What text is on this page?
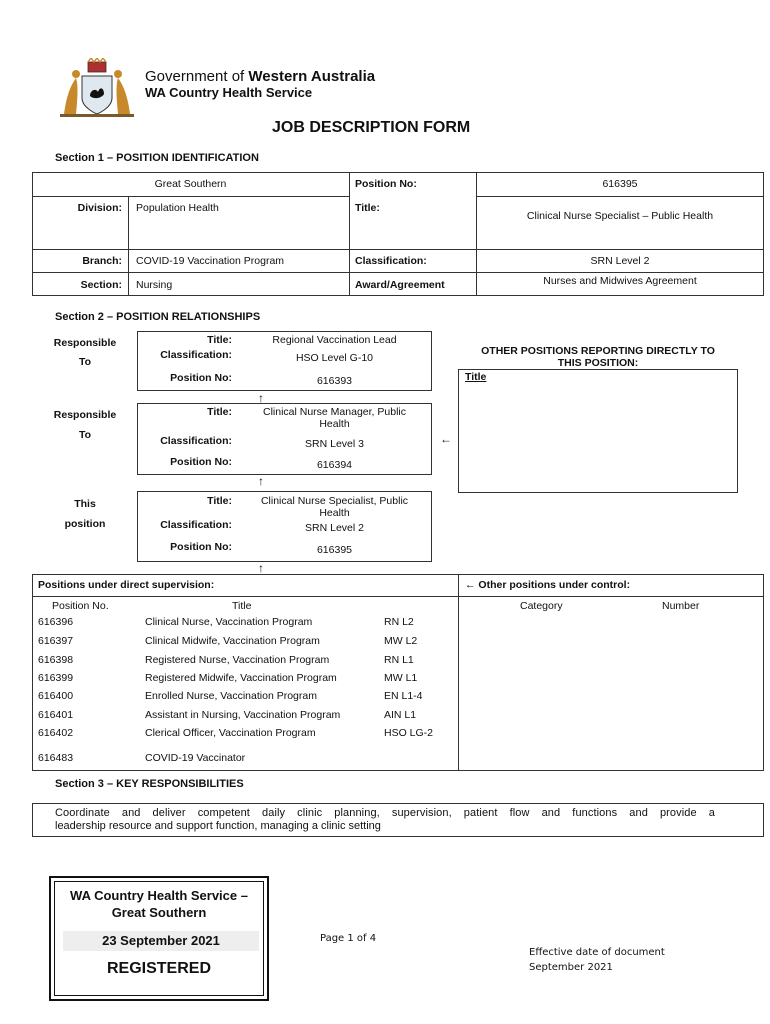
Government of Western Australia
WA Country Health Service
JOB DESCRIPTION FORM
Section 1 – POSITION IDENTIFICATION
Great Southern	Position No:	616395
Division: Population Health	Title:
Clinical Nurse Specialist – Public Health
Branch: COVID-19 Vaccination Program	Classification:	SRN Level 2
Section: Nursing	Award/Agreement	Nurses and Midwives Agreement
Section 2 – POSITION RELATIONSHIPS
Responsible
To
Title:	Regional Vaccination Lead
Classification:	HSO Level G-10
Position No:	616393
↑
Responsible
To
Title:	Clinical Nurse Manager, Public
Health
Classification:	SRN Level 3
Position No:	616394
←
↑
This
position
Title:	Clinical Nurse Specialist, Public
Health
Classification:	SRN Level 2
Position No:	616395
↑
OTHER POSITIONS REPORTING DIRECTLY TO
THIS POSITION:
Title
Positions under direct supervision:	← Other positions under control:
Position No.	Title	Category	Number
616396	Clinical Nurse, Vaccination Program	RN L2
616397	Clinical Midwife, Vaccination Program	MW L2
616398	Registered Nurse, Vaccination Program	RN L1
616399	Registered Midwife, Vaccination Program	MW L1
616400	Enrolled Nurse, Vaccination Program	EN L1-4
616401	Assistant in Nursing, Vaccination Program	AIN L1
616402	Clerical Officer, Vaccination Program	HSO LG-2
616483	COVID-19 Vaccinator
Section 3 – KEY RESPONSIBILITIES
Coordinate and deliver competent daily clinic planning, supervision, patient flow and functions and provide a
leadership resource and support function, managing a clinic setting
WA Country Health Service –
Great Southern
23 September 2021
REGISTERED
Page 1 of 4
Effective date of document
September 2021
